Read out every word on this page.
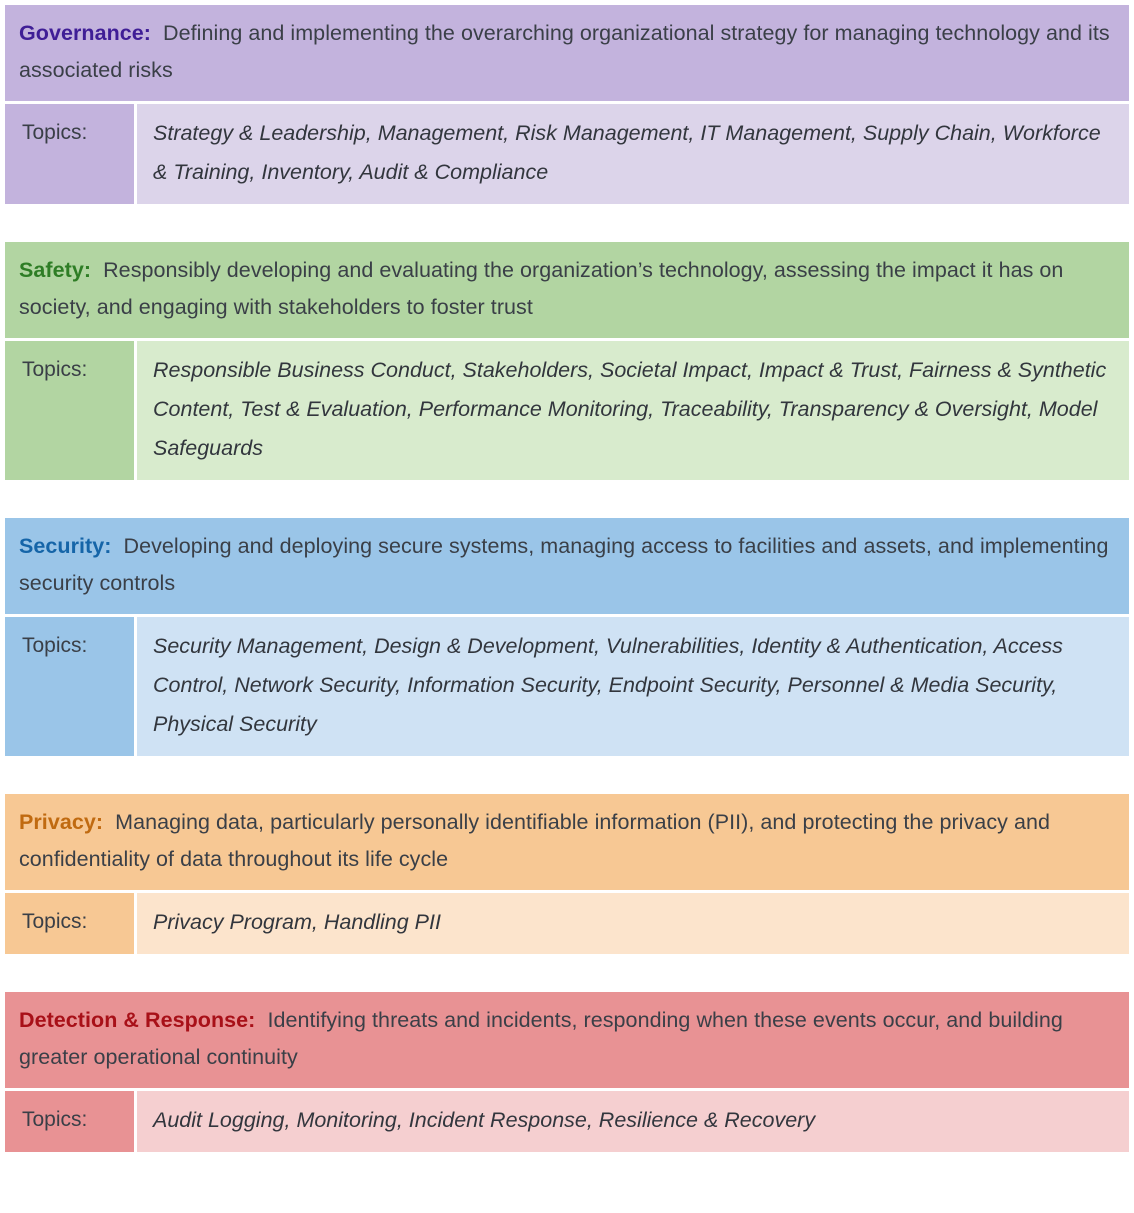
Governance:  Defining and implementing the overarching organizational strategy for managing technology and its associated risks
Topics:	Strategy & Leadership, Management, Risk Management, IT Management, Supply Chain, Workforce & Training, Inventory, Audit & Compliance
Safety:  Responsibly developing and evaluating the organization’s technology, assessing the impact it has on society, and engaging with stakeholders to foster trust
Topics:	Responsible Business Conduct, Stakeholders, Societal Impact, Impact & Trust, Fairness & Synthetic Content, Test & Evaluation, Performance Monitoring, Traceability, Transparency & Oversight, Model Safeguards
Security:  Developing and deploying secure systems, managing access to facilities and assets, and implementing security controls
Topics:	Security Management, Design & Development, Vulnerabilities, Identity & Authentication, Access Control, Network Security, Information Security, Endpoint Security, Personnel & Media Security, Physical Security
Privacy:  Managing data, particularly personally identifiable information (PII), and protecting the privacy and confidentiality of data throughout its life cycle
Topics:	Privacy Program, Handling PII
Detection & Response:  Identifying threats and incidents, responding when these events occur, and building greater operational continuity
Topics:	Audit Logging, Monitoring, Incident Response, Resilience & Recovery
